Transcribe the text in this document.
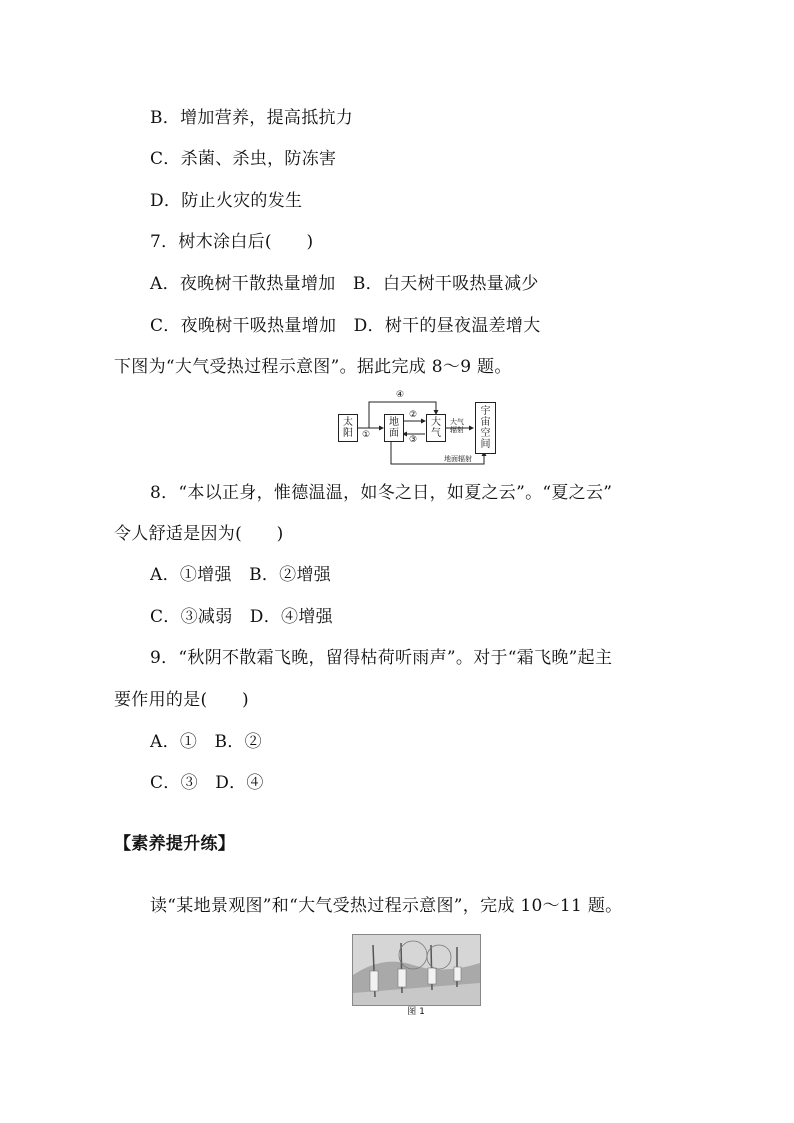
B．增加营养，提高抵抗力
C．杀菌、杀虫，防冻害
D．防止火灾的发生
7．树木涂白后(　　)
A．夜晚树干散热量增加　B．白天树干吸热量减少
C．夜晚树干吸热量增加　D．树干的昼夜温差增大
下图为“大气受热过程示意图”。据此完成 8～9 题。
太阳
地面
大气
宇宙空间
①
②
③
④
大气辐射
地面辐射
8．“本以正身，惟德温温，如冬之日，如夏之云”。“夏之云”
令人舒适是因为(　　)
A．①增强　B．②增强
C．③减弱　D．④增强
9．“秋阴不散霜飞晚，留得枯荷听雨声”。对于“霜飞晚”起主
要作用的是(　　)
A．①　B．②
C．③　D．④
【素养提升练】
读“某地景观图”和“大气受热过程示意图”，完成 10～11 题。
图 1
